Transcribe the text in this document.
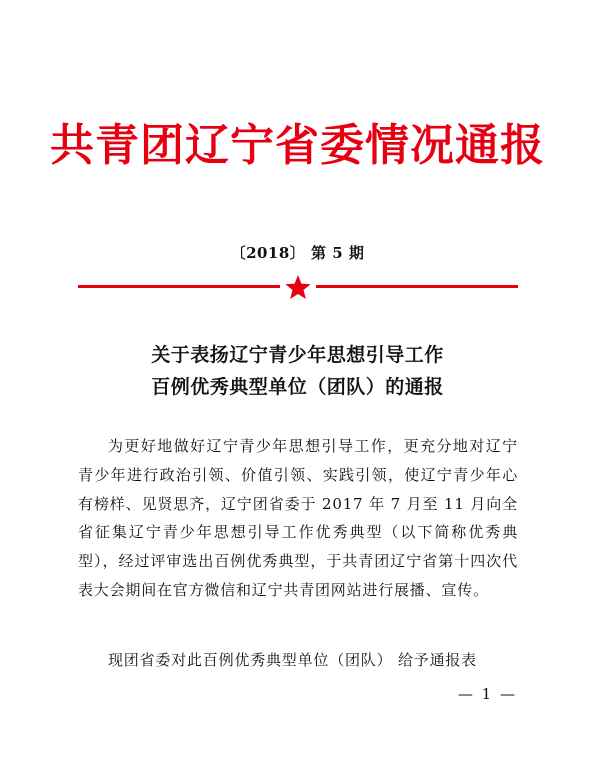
共青团辽宁省委情况通报
〔2018〕 第 5 期
关于表扬辽宁青少年思想引导工作
百例优秀典型单位（团队）的通报

为更好地做好辽宁青少年思想引导工作，更充分地对辽宁青少年进行政治引领、价值引领、实践引领，使辽宁青少年心有榜样、见贤思齐，辽宁团省委于 2017 年 7 月至 11 月向全省征集辽宁青少年思想引导工作优秀典型（以下简称优秀典型），经过评审选出百例优秀典型，于共青团辽宁省第十四次代表大会期间在官方微信和辽宁共青团网站进行展播、宣传。

现团省委对此百例优秀典型单位（团队） 给予通报表

— 1 —
